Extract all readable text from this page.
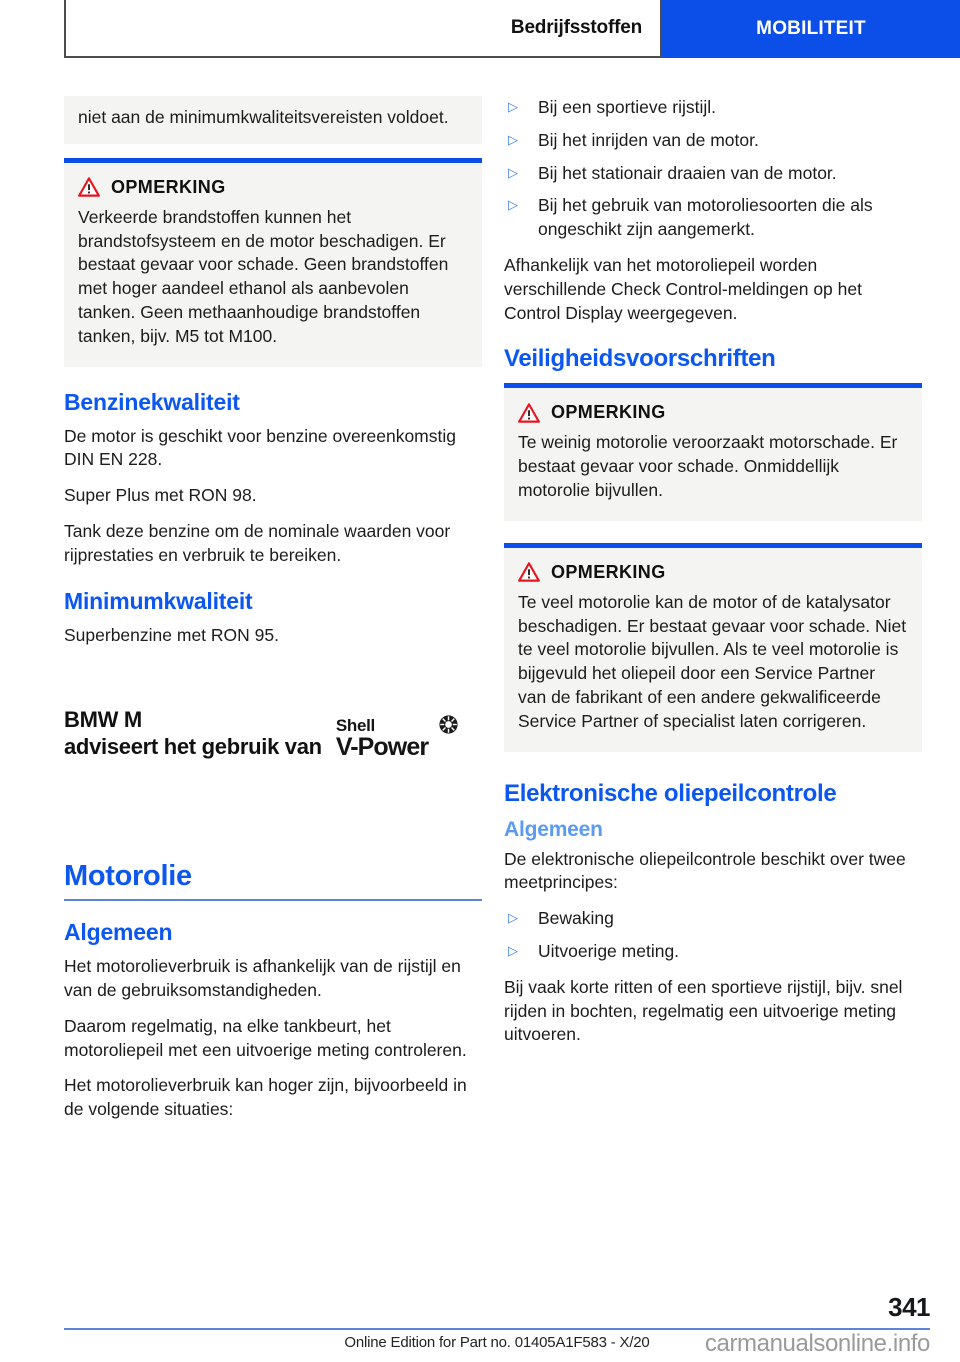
Bedrijfsstoffen	MOBILITEIT

niet aan de minimumkwaliteitsvereisten voldoet.

OPMERKING

Verkeerde brandstoffen kunnen het brandstofsysteem en de motor beschadigen. Er bestaat gevaar voor schade. Geen brandstoffen met hoger aandeel ethanol als aanbevolen tanken. Geen methaanhoudige brandstoffen tanken, bijv. M5 tot M100.

Benzinekwaliteit

De motor is geschikt voor benzine overeenkomstig DIN EN 228.

Super Plus met RON 98.

Tank deze benzine om de nominale waarden voor rijprestaties en verbruik te bereiken.

Minimumkwaliteit

Superbenzine met RON 95.

BMW M
adviseert het gebruik van
Shell
V-Power
Motorolie
Algemeen

Het motorolieverbruik is afhankelijk van de rijstijl en van de gebruiksomstandigheden.

Daarom regelmatig, na elke tankbeurt, het motoroliepeil met een uitvoerige meting controleren.

Het motorolieverbruik kan hoger zijn, bijvoorbeeld in de volgende situaties:

▷	Bij een sportieve rijstijl.
▷	Bij het inrijden van de motor.
▷	Bij het stationair draaien van de motor.
▷	Bij het gebruik van motoroliesoorten die als ongeschikt zijn aangemerkt.

Afhankelijk van het motoroliepeil worden verschillende Check Control-meldingen op het Control Display weergegeven.

Veiligheidsvoorschriften
OPMERKING

Te weinig motorolie veroorzaakt motorschade. Er bestaat gevaar voor schade. Onmiddellijk motorolie bijvullen.

OPMERKING

Te veel motorolie kan de motor of de katalysator beschadigen. Er bestaat gevaar voor schade. Niet te veel motorolie bijvullen. Als te veel motorolie is bijgevuld het oliepeil door een Service Partner van de fabrikant of een andere gekwalificeerde Service Partner of specialist laten corrigeren.

Elektronische oliepeilcontrole
Algemeen

De elektronische oliepeilcontrole beschikt over twee meetprincipes:

▷	Bewaking
▷	Uitvoerige meting.

Bij vaak korte ritten of een sportieve rijstijl, bijv. snel rijden in bochten, regelmatig een uitvoerige meting uitvoeren.

341
Online Edition for Part no. 01405A1F583 - X/20	carmanualsonline.info
